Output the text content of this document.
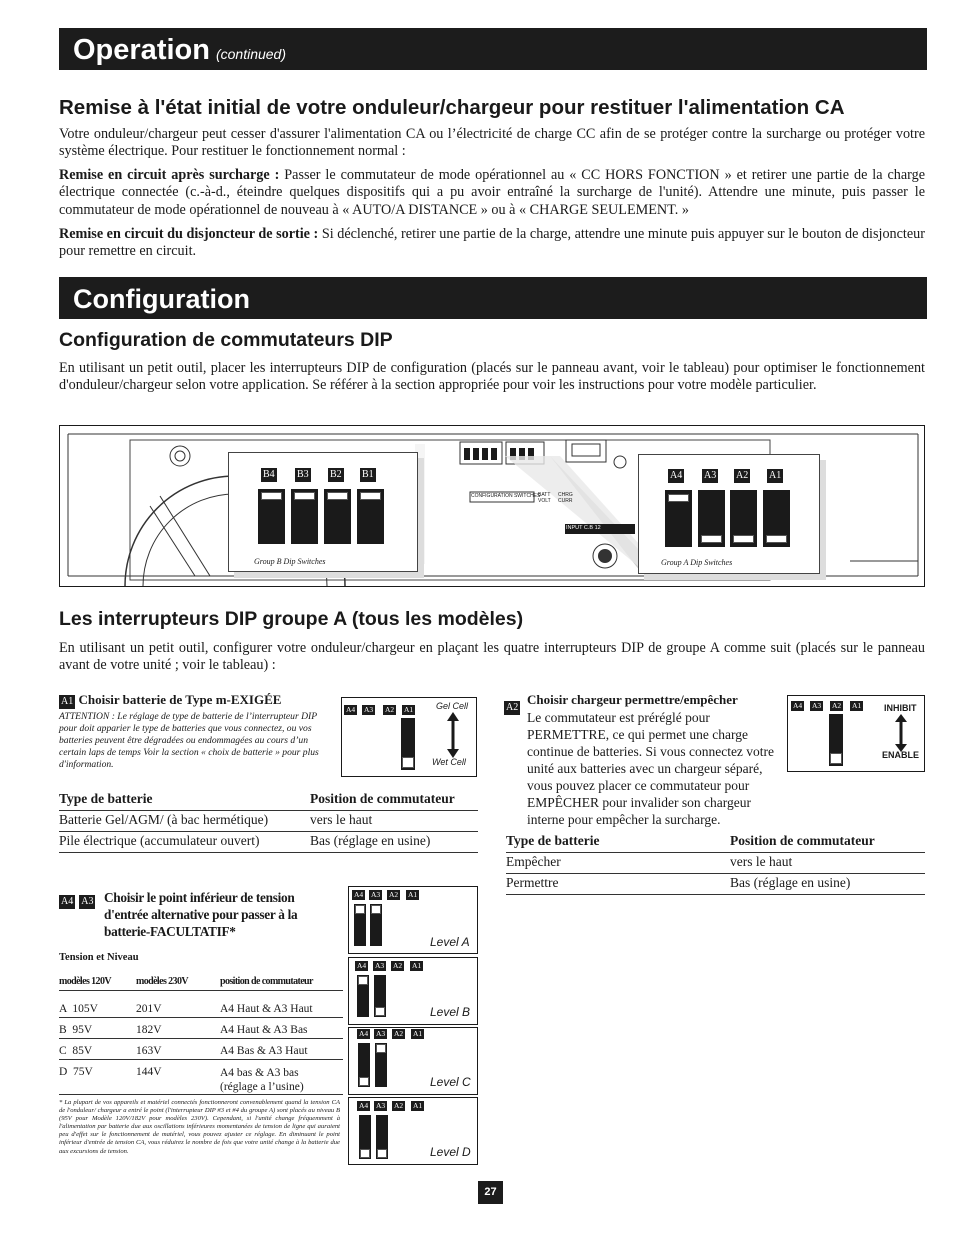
Operation (continued)
Remise à l'état initial de votre onduleur/chargeur pour restituer l'alimentation CA

Votre onduleur/chargeur peut cesser d'assurer l'alimentation CA ou l’électricité de charge CC afin de se protéger contre la surcharge ou protéger votre système électrique. Pour restituer le fonctionnement normal :

Remise en circuit après surcharge : Passer le commutateur de mode opérationnel au « CC HORS FONCTION » et retirer une partie de la charge électrique connectée (c.-à-d., éteindre quelques dispositifs qui a pu avoir entraîné la surcharge de l'unité). Attendre une minute, puis passer le commutateur de mode opérationnel de nouveau à « AUTO/A DISTANCE » ou à « CHARGE SEULEMENT. »

Remise en circuit du disjoncteur de sortie : Si déclenché, retirer une partie de la charge, attendre une minute puis appuyer sur le bouton de disjoncteur pour remettre en circuit.

Configuration
Configuration de commutateurs DIP

En utilisant un petit outil, placer les interrupteurs DIP de configuration (placés sur le panneau avant, voir le tableau) pour optimiser le fonctionnement d'onduleur/chargeur selon votre application. Se référer à la section appropriée pour voir les instructions pour votre modèle particulier.

CONFIGURATION SWITCHES
BATT VOLT
CHRG CURR
INPUT C.B 12
B4 B3 B2 B1
Group B Dip Switches
A4 A3 A2 A1
Group A Dip Switches
Les interrupteurs DIP groupe A (tous les modèles)

En utilisant un petit outil, configurer votre onduleur/chargeur en plaçant les quatre interrupteurs DIP de groupe A comme suit (placés sur le panneau avant de votre unité ; voir le tableau) :

A1 Choisir batterie de Type m-EXIGÉE
ATTENTION : Le réglage de type de batterie de l’interrupteur DIP pour doit apparier le type de batteries que vous connectez, ou vos batteries peuvent être dégradées ou endommagées au cours d’un certain laps de temps Voir la section « choix de batterie » pour plus d'information.
A4 A3 A2 A1	Gel Cell
Wet Cell
Type de batterie	Position de commutateur
Batterie Gel/AGM/ (à bac hermétique)	vers le haut
Pile électrique (accumulateur ouvert)	Bas (réglage en usine)
A2
Choisir chargeur permettre/empêcher
Le commutateur est préréglé pour PERMETTRE, ce qui permet une charge continue de batteries. Si vous connectez votre unité aux batteries avec un chargeur séparé, vous pouvez placer ce commutateur pour EMPÊCHER pour invalider son chargeur interne pour empêcher la surcharge.
A4 A3 A2 A1	INHIBIT
ENABLE
Type de batterie	Position de commutateur
Empêcher	vers le haut
Permettre	Bas (réglage en usine)
A4 A3 Choisir le point inférieur de tension d'entrée alternative pour passer à la batterie-FACULTATIF*
Tension et Niveau
modèles 120V	modèles 230V	position de commutateur
A  105V	201V	A4 Haut & A3 Haut
B  95V	182V	A4 Haut & A3 Bas
C  85V	163V	A4 Bas & A3 Haut
D  75V	144V	A4 bas & A3 bas (réglage a l’usine)
* La plupart de vos appareils et matériel connectés fonctionneront convenablement quand la tension CA de l'onduleur/ chargeur a entré le point (l'interrupteur DIP #3 et #4 du groupe A) sont placés au niveau B (95V pour Modèle 120V/182V pour modèles 230V). Cependant, si l'unité change fréquemment à l'alimentation par batterie due aux oscillations inférieures momentanées de tension de ligne qui auraient peu d'effet sur le fonctionnement de matériel, vous pouvez ajuster ce réglage. En diminuant le point inférieur d'entrée de tension CA, vous réduirez le nombre de fois que votre unité change à la batterie due aux excursions de tension.
A4 A3 A2 A1
Level A
A4 A3 A2 A1
Level B
A4 A3 A2 A1
Level C
A4 A3 A2 A1
Level D
27
